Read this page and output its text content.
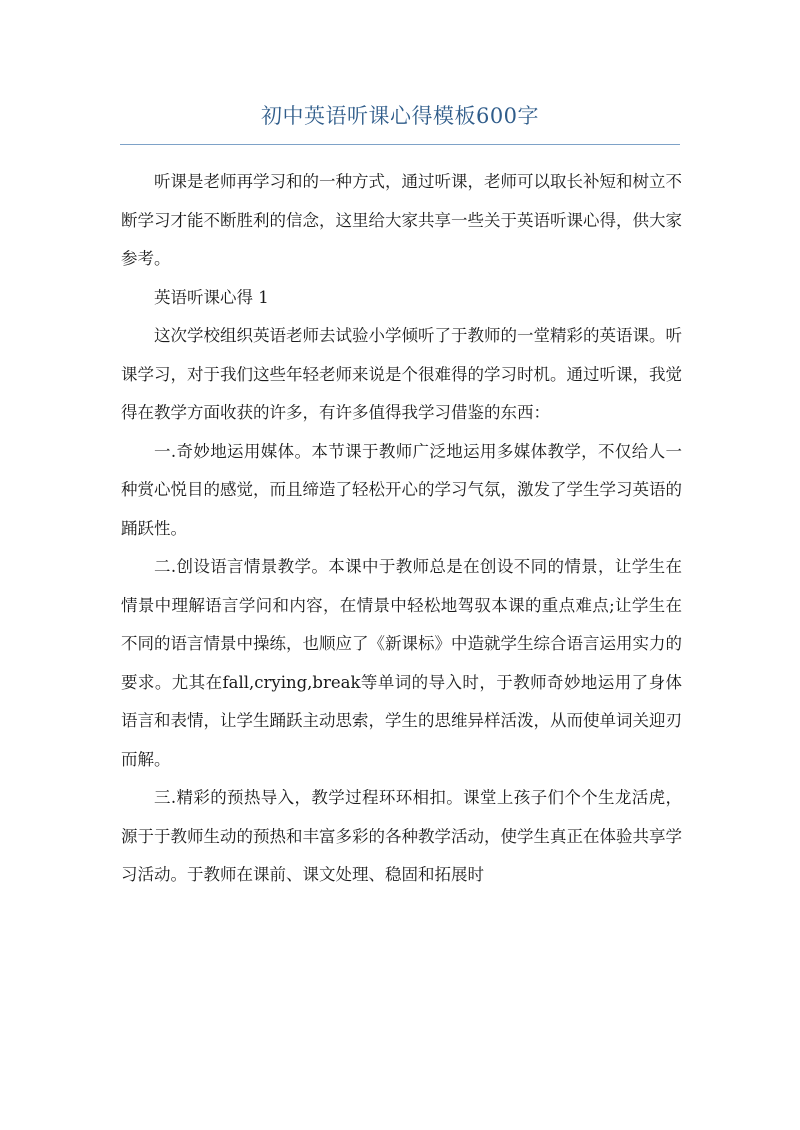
初中英语听课心得模板600字

听课是老师再学习和的一种方式，通过听课，老师可以取长补短和树立不断学习才能不断胜利的信念，这里给大家共享一些关于英语听课心得，供大家参考。

英语听课心得 1

这次学校组织英语老师去试验小学倾听了于教师的一堂精彩的英语课。听课学习，对于我们这些年轻老师来说是个很难得的学习时机。通过听课，我觉得在教学方面收获的许多，有许多值得我学习借鉴的东西：

一.奇妙地运用媒体。本节课于教师广泛地运用多媒体教学，不仅给人一种赏心悦目的感觉，而且缔造了轻松开心的学习气氛，激发了学生学习英语的踊跃性。

二.创设语言情景教学。本课中于教师总是在创设不同的情景，让学生在情景中理解语言学问和内容，在情景中轻松地驾驭本课的重点难点;让学生在不同的语言情景中操练，也顺应了《新课标》中造就学生综合语言运用实力的要求。尤其在fall,crying,break等单词的导入时，于教师奇妙地运用了身体语言和表情，让学生踊跃主动思索，学生的思维异样活泼，从而使单词关迎刃而解。

三.精彩的预热导入，教学过程环环相扣。课堂上孩子们个个生龙活虎，源于于教师生动的预热和丰富多彩的各种教学活动，使学生真正在体验共享学习活动。于教师在课前、课文处理、稳固和拓展时
